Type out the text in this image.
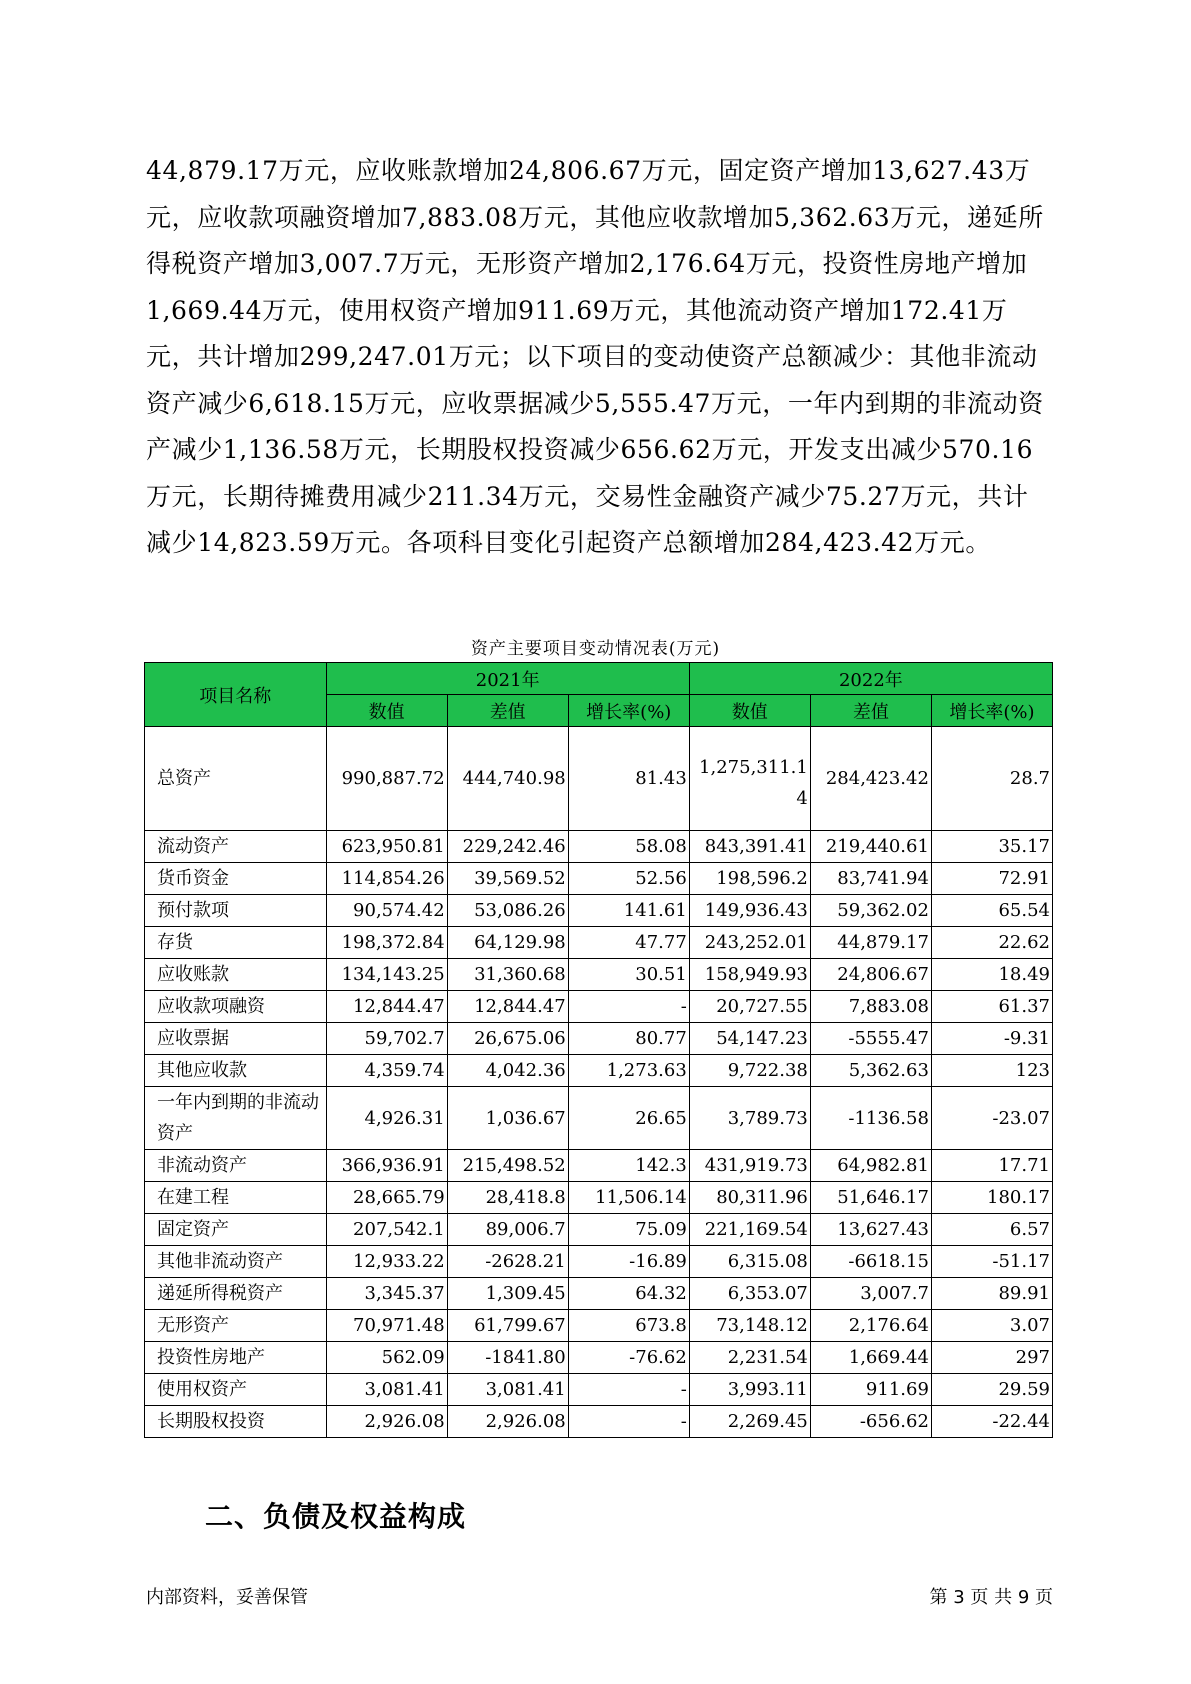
44,879.17万元，应收账款增加24,806.67万元，固定资产增加13,627.43万元，应收款项融资增加7,883.08万元，其他应收款增加5,362.63万元，递延所得税资产增加3,007.7万元，无形资产增加2,176.64万元，投资性房地产增加1,669.44万元，使用权资产增加911.69万元，其他流动资产增加172.41万元，共计增加299,247.01万元；以下项目的变动使资产总额减少：其他非流动资产减少6,618.15万元，应收票据减少5,555.47万元，一年内到期的非流动资产减少1,136.58万元，长期股权投资减少656.62万元，开发支出减少570.16万元，长期待摊费用减少211.34万元，交易性金融资产减少75.27万元，共计减少14,823.59万元。各项科目变化引起资产总额增加284,423.42万元。

资产主要项目变动情况表(万元)
项目名称	2021年			2022年		
	数值	差值	增长率(%)	数值	差值	增长率(%)
总资产	990,887.72	444,740.98	81.43	1,275,311.14	284,423.42	28.7
流动资产	623,950.81	229,242.46	58.08	843,391.41	219,440.61	35.17
货币资金	114,854.26	39,569.52	52.56	198,596.2	83,741.94	72.91
预付款项	90,574.42	53,086.26	141.61	149,936.43	59,362.02	65.54
存货	198,372.84	64,129.98	47.77	243,252.01	44,879.17	22.62
应收账款	134,143.25	31,360.68	30.51	158,949.93	24,806.67	18.49
应收款项融资	12,844.47	12,844.47	-	20,727.55	7,883.08	61.37
应收票据	59,702.7	26,675.06	80.77	54,147.23	-5555.47	-9.31
其他应收款	4,359.74	4,042.36	1,273.63	9,722.38	5,362.63	123
一年内到期的非流动资产	4,926.31	1,036.67	26.65	3,789.73	-1136.58	-23.07
非流动资产	366,936.91	215,498.52	142.3	431,919.73	64,982.81	17.71
在建工程	28,665.79	28,418.8	11,506.14	80,311.96	51,646.17	180.17
固定资产	207,542.1	89,006.7	75.09	221,169.54	13,627.43	6.57
其他非流动资产	12,933.22	-2628.21	-16.89	6,315.08	-6618.15	-51.17
递延所得税资产	3,345.37	1,309.45	64.32	6,353.07	3,007.7	89.91
无形资产	70,971.48	61,799.67	673.8	73,148.12	2,176.64	3.07
投资性房地产	562.09	-1841.80	-76.62	2,231.54	1,669.44	297
使用权资产	3,081.41	3,081.41	-	3,993.11	911.69	29.59
长期股权投资	2,926.08	2,926.08	-	2,269.45	-656.62	-22.44
二、负债及权益构成
内部资料，妥善保管	第 3 页 共 9 页
